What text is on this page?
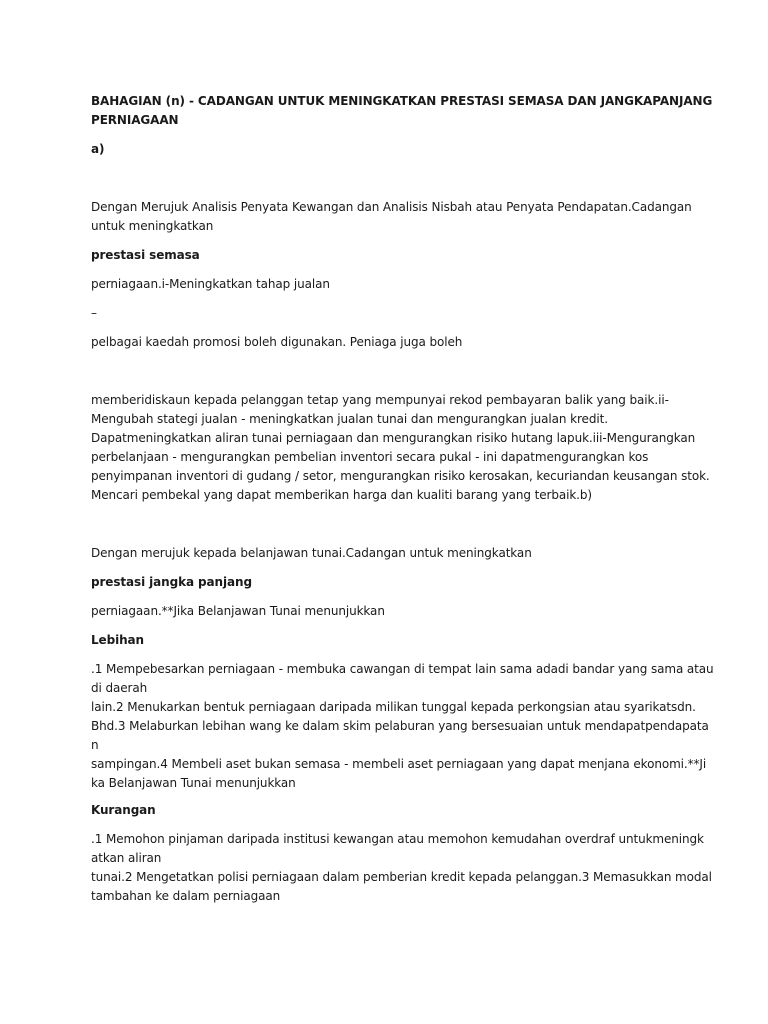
BAHAGIAN (n) - CADANGAN UNTUK MENINGKATKAN PRESTASI SEMASA DAN JANGKAPANJANG
PERNIAGAAN
a)
Dengan Merujuk Analisis Penyata Kewangan dan Analisis Nisbah atau Penyata Pendapatan.Cadangan
untuk meningkatkan
prestasi semasa
perniagaan.i-Meningkatkan tahap jualan
–
pelbagai kaedah promosi boleh digunakan. Peniaga juga boleh
memberidiskaun kepada pelanggan tetap yang mempunyai rekod pembayaran balik yang baik.ii-
Mengubah stategi jualan - meningkatkan jualan tunai dan mengurangkan jualan kredit.
Dapatmeningkatkan aliran tunai perniagaan dan mengurangkan risiko hutang lapuk.iii-Mengurangkan
perbelanjaan - mengurangkan pembelian inventori secara pukal - ini dapatmengurangkan kos
penyimpanan inventori di gudang / setor, mengurangkan risiko kerosakan, kecuriandan keusangan stok.
Mencari pembekal yang dapat memberikan harga dan kualiti barang yang terbaik.b)
Dengan merujuk kepada belanjawan tunai.Cadangan untuk meningkatkan
prestasi jangka panjang
perniagaan.**Jika Belanjawan Tunai menunjukkan
Lebihan
.1 Mempebesarkan perniagaan - membuka cawangan di tempat lain sama adadi bandar yang sama atau
di daerah
lain.2 Menukarkan bentuk perniagaan daripada milikan tunggal kepada perkongsian atau syarikatsdn.
Bhd.3 Melaburkan lebihan wang ke dalam skim pelaburan yang bersesuaian untuk mendapatpendapata
n
sampingan.4 Membeli aset bukan semasa - membeli aset perniagaan yang dapat menjana ekonomi.**Ji
ka Belanjawan Tunai menunjukkan
Kurangan
.1 Memohon pinjaman daripada institusi kewangan atau memohon kemudahan overdraf untukmeningk
atkan aliran
tunai.2 Mengetatkan polisi perniagaan dalam pemberian kredit kepada pelanggan.3 Memasukkan modal
tambahan ke dalam perniagaan
